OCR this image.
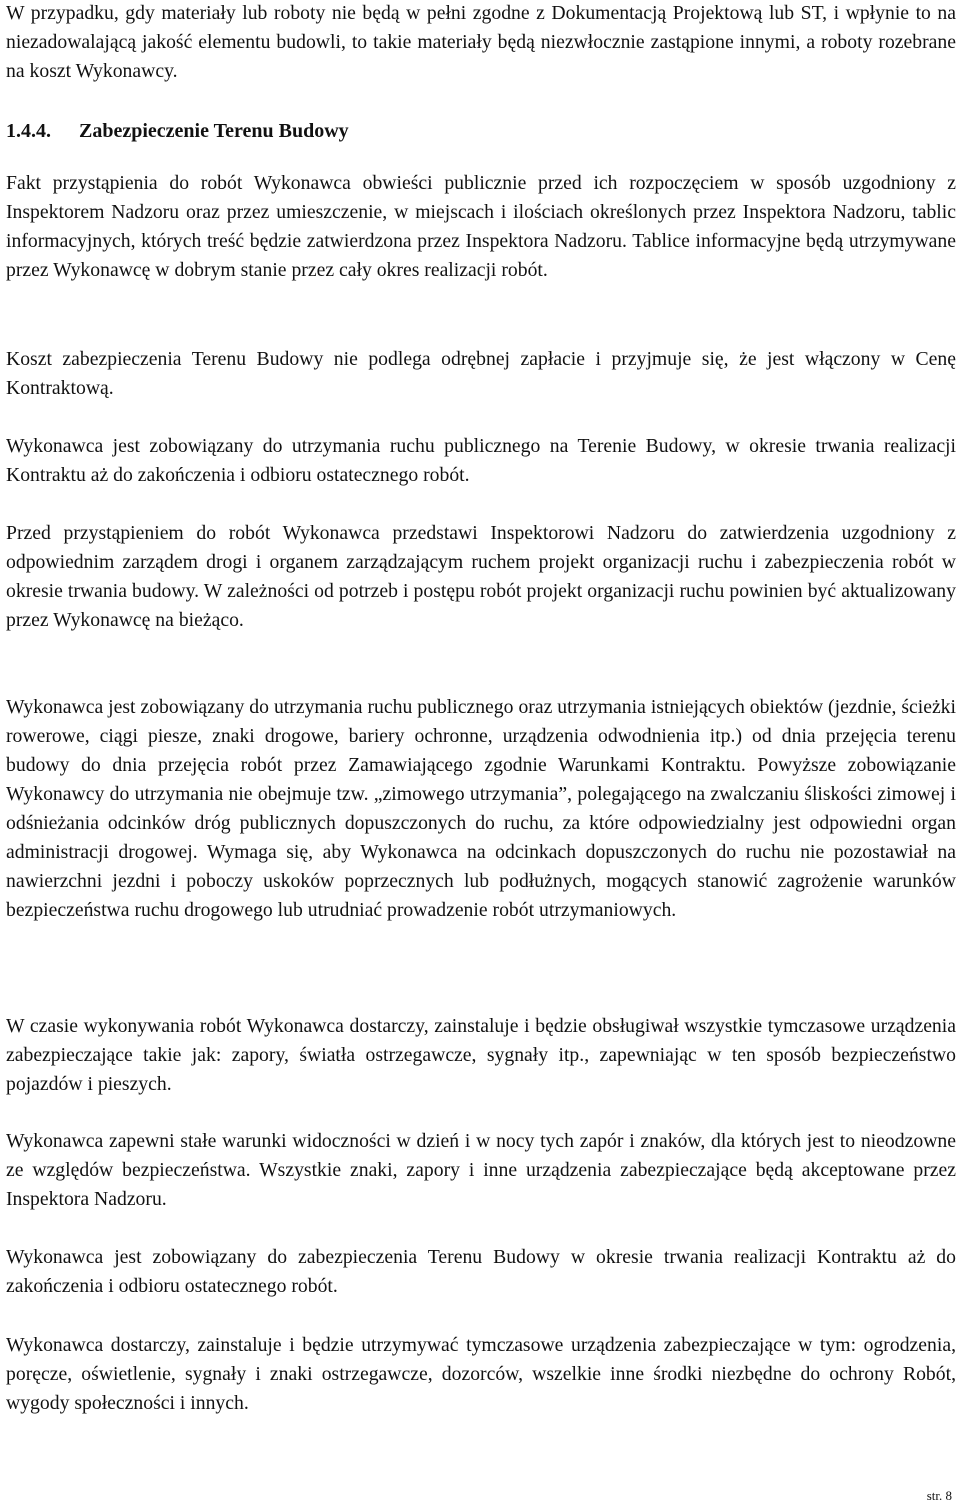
W przypadku, gdy materiały lub roboty nie będą w pełni zgodne z Dokumentacją Projektową lub ST, i wpłynie to na niezadowalającą jakość elementu budowli, to takie materiały będą niezwłocznie zastąpione innymi, a roboty rozebrane na koszt Wykonawcy.

1.4.4. Zabezpieczenie Terenu Budowy

Fakt przystąpienia do robót Wykonawca obwieści publicznie przed ich rozpoczęciem w sposób uzgodniony z Inspektorem Nadzoru oraz przez umieszczenie, w miejscach i ilościach określonych przez Inspektora Nadzoru, tablic informacyjnych, których treść będzie zatwierdzona przez Inspektora Nadzoru. Tablice informacyjne będą utrzymywane przez Wykonawcę w dobrym stanie przez cały okres realizacji robót.

Koszt zabezpieczenia Terenu Budowy nie podlega odrębnej zapłacie i przyjmuje się, że jest włączony w Cenę Kontraktową.

Wykonawca jest zobowiązany do utrzymania ruchu publicznego na Terenie Budowy, w okresie trwania realizacji Kontraktu aż do zakończenia i odbioru ostatecznego robót.

Przed przystąpieniem do robót Wykonawca przedstawi Inspektorowi Nadzoru do zatwierdzenia uzgodniony z odpowiednim zarządem drogi i organem zarządzającym ruchem projekt organizacji ruchu i zabezpieczenia robót w okresie trwania budowy. W zależności od potrzeb i postępu robót projekt organizacji ruchu powinien być aktualizowany przez Wykonawcę na bieżąco.

Wykonawca jest zobowiązany do utrzymania ruchu publicznego oraz utrzymania istniejących obiektów (jezdnie, ścieżki rowerowe, ciągi piesze, znaki drogowe, bariery ochronne, urządzenia odwodnienia itp.) od dnia przejęcia terenu budowy do dnia przejęcia robót przez Zamawiającego zgodnie Warunkami Kontraktu. Powyższe zobowiązanie Wykonawcy do utrzymania nie obejmuje tzw. „zimowego utrzymania”, polegającego na zwalczaniu śliskości zimowej i odśnieżania odcinków dróg publicznych dopuszczonych do ruchu, za które odpowiedzialny jest odpowiedni organ administracji drogowej. Wymaga się, aby Wykonawca na odcinkach dopuszczonych do ruchu nie pozostawiał na nawierzchni jezdni i poboczy uskoków poprzecznych lub podłużnych, mogących stanowić zagrożenie warunków bezpieczeństwa ruchu drogowego lub utrudniać prowadzenie robót utrzymaniowych.

W czasie wykonywania robót Wykonawca dostarczy, zainstaluje i będzie obsługiwał wszystkie tymczasowe urządzenia zabezpieczające takie jak: zapory, światła ostrzegawcze, sygnały itp., zapewniając w ten sposób bezpieczeństwo pojazdów i pieszych.

Wykonawca zapewni stałe warunki widoczności w dzień i w nocy tych zapór i znaków, dla których jest to nieodzowne ze względów bezpieczeństwa. Wszystkie znaki, zapory i inne urządzenia zabezpieczające będą akceptowane przez Inspektora Nadzoru.

Wykonawca jest zobowiązany do zabezpieczenia Terenu Budowy w okresie trwania realizacji Kontraktu aż do zakończenia i odbioru ostatecznego robót.

Wykonawca dostarczy, zainstaluje i będzie utrzymywać tymczasowe urządzenia zabezpieczające w tym: ogrodzenia, poręcze, oświetlenie, sygnały i znaki ostrzegawcze, dozorców, wszelkie inne środki niezbędne do ochrony Robót, wygody społeczności i innych.

str. 8
